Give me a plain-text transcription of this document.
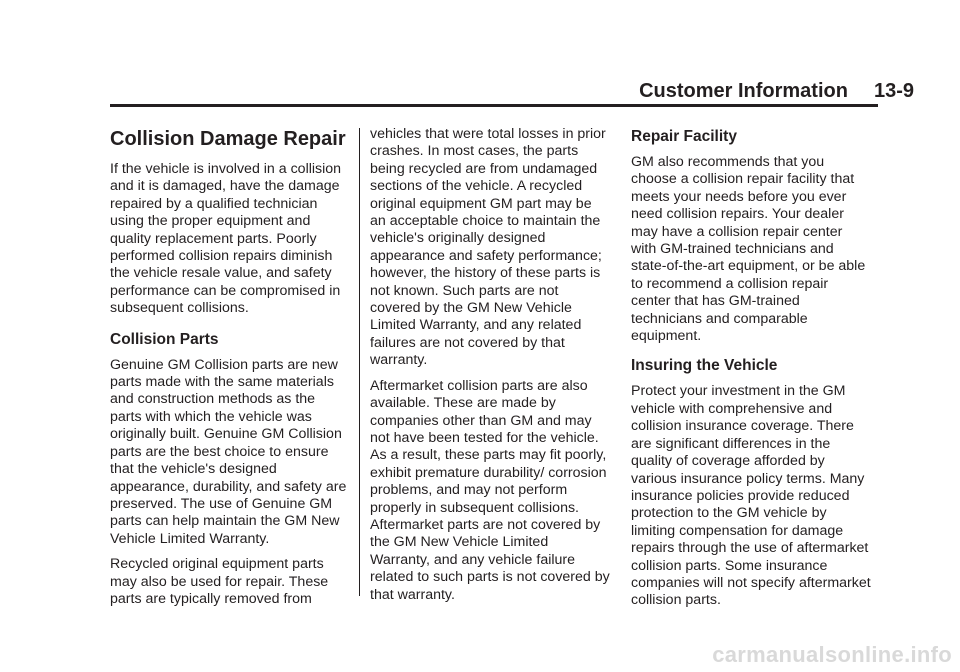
Customer Information 13-9
Collision Damage Repair

If the vehicle is involved in a collision and it is damaged, have the damage repaired by a qualified technician using the proper equipment and quality replacement parts. Poorly performed collision repairs diminish the vehicle resale value, and safety performance can be compromised in subsequent collisions.

Collision Parts

Genuine GM Collision parts are new parts made with the same materials and construction methods as the parts with which the vehicle was originally built. Genuine GM Collision parts are the best choice to ensure that the vehicle's designed appearance, durability, and safety are preserved. The use of Genuine GM parts can help maintain the GM New Vehicle Limited Warranty.

Recycled original equipment parts may also be used for repair. These parts are typically removed from

vehicles that were total losses in prior crashes. In most cases, the parts being recycled are from undamaged sections of the vehicle. A recycled original equipment GM part may be an acceptable choice to maintain the vehicle's originally designed appearance and safety performance; however, the history of these parts is not known. Such parts are not covered by the GM New Vehicle Limited Warranty, and any related failures are not covered by that warranty.

Aftermarket collision parts are also available. These are made by companies other than GM and may not have been tested for the vehicle. As a result, these parts may fit poorly, exhibit premature durability/ corrosion problems, and may not perform properly in subsequent collisions. Aftermarket parts are not covered by the GM New Vehicle Limited Warranty, and any vehicle failure related to such parts is not covered by that warranty.

Repair Facility

GM also recommends that you choose a collision repair facility that meets your needs before you ever need collision repairs. Your dealer may have a collision repair center with GM-trained technicians and state-of-the-art equipment, or be able to recommend a collision repair center that has GM-trained technicians and comparable equipment.

Insuring the Vehicle

Protect your investment in the GM vehicle with comprehensive and collision insurance coverage. There are significant differences in the quality of coverage afforded by various insurance policy terms. Many insurance policies provide reduced protection to the GM vehicle by limiting compensation for damage repairs through the use of aftermarket collision parts. Some insurance companies will not specify aftermarket collision parts.

carmanualsonline.info
